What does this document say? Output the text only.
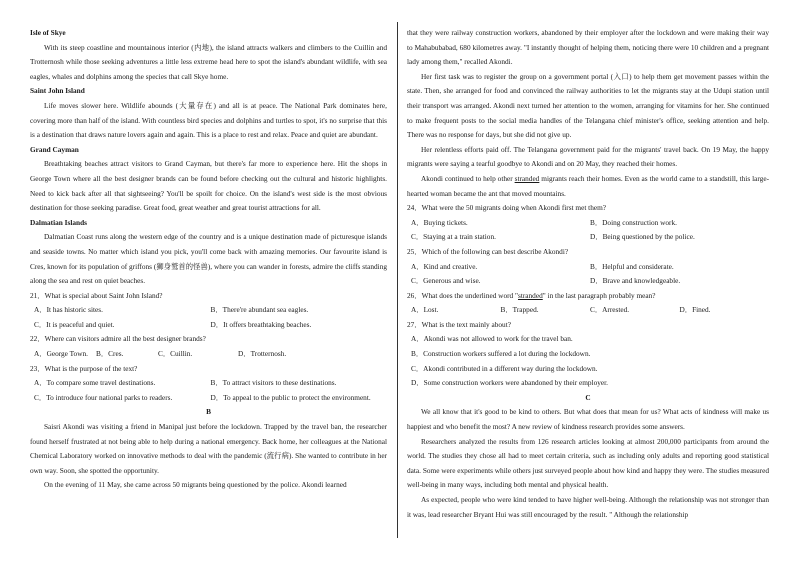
Isle of Skye

With its steep coastline and mountainous interior (内地), the island attracts walkers and climbers to the Cuillin and Trotternosh while those seeking adventures a little less extreme head here to spot the island's abundant wildlife, with sea eagles, whales and dolphins among the species that call Skye home.

Saint John Island

Life moves slower here. Wildlife abounds (大量存在) and all is at peace. The National Park dominates here, covering more than half of the island. With countless bird species and dolphins and turtles to spot, it's no surprise that this is a destination that draws nature lovers again and again. This is a place to rest and relax. Peace and quiet are abundant.

Grand Cayman

Breathtaking beaches attract visitors to Grand Cayman, but there's far more to experience here. Hit the shops in George Town where all the best designer brands can be found before checking out the cultural and historic highlights. Need to kick back after all that sightseeing? You'll be spoilt for choice. On the island's west side is the most obvious destination for those seeking paradise. Great food, great weather and great tourist attractions for all.

Dalmatian Islands

Dalmatian Coast runs along the western edge of the country and is a unique destination made of picturesque islands and seaside towns. No matter which island you pick, you'll come back with amazing memories. Our favourite island is Cres, known for its population of griffons (狮身鹫首的怪兽), where you can wander in forests, admire the cliffs standing along the sea and rest on quiet beaches.

21．What is special about Saint John Island?

A．It has historic sites.	B．There're abundant sea eagles.
C．It is peaceful and quiet.	D．It offers breathtaking beaches.

22．Where can visitors admire all the best designer brands?

A．George Town.	B．Cres.	C．Cuillin.	D．Trotternosh.

23．What is the purpose of the text?

A．To compare some travel destinations.	B．To attract visitors to these destinations.
C．To introduce four national parks to readers.	D．To appeal to the public to protect the environment.

B

Saisri Akondi was visiting a friend in Manipal just before the lockdown. Trapped by the travel ban, the researcher found herself frustrated at not being able to help during a national emergency. Back home, her colleagues at the National Chemical Laboratory worked on innovative methods to deal with the pandemic (流行病). She wanted to contribute in her own way. Soon, she spotted the opportunity.

On the evening of 11 May, she came across 50 migrants being questioned by the police. Akondi learned

that they were railway construction workers, abandoned by their employer after the lockdown and were making their way to Mahabubabad, 680 kilometres away. "I instantly thought of helping them, noticing there were 10 children and a pregnant lady among them," recalled Akondi.

Her first task was to register the group on a government portal (入口) to help them get movement passes within the state. Then, she arranged for food and convinced the railway authorities to let the migrants stay at the Udupi station until their transport was arranged. Akondi next turned her attention to the women, arranging for vitamins for her. She continued to make frequent posts to the social media handles of the Telangana chief minister's office, seeking attention and help. There was no response for days, but she did not give up.

Her relentless efforts paid off. The Telangana government paid for the migrants' travel back. On 19 May, the happy migrants were saying a tearful goodbye to Akondi and on 20 May, they reached their homes.

Akondi continued to help other stranded migrants reach their homes. Even as the world came to a standstill, this large-hearted woman became the ant that moved mountains.

24．What were the 50 migrants doing when Akondi first met them?

A．Buying tickets.	B．Doing construction work.
C．Staying at a train station.	D．Being questioned by the police.

25．Which of the following can best describe Akondi?

A．Kind and creative.	B．Helpful and considerate.
C．Generous and wise.	D．Brave and knowledgeable.

26．What does the underlined word "stranded" in the last paragraph probably mean?

A．Lost.	B．Trapped.	C．Arrested.	D．Fined.

27．What is the text mainly about?

A．Akondi was not allowed to work for the travel ban.

B．Construction workers suffered a lot during the lockdown.

C．Akondi contributed in a different way during the lockdown.

D．Some construction workers were abandoned by their employer.

C

We all know that it's good to be kind to others. But what does that mean for us? What acts of kindness will make us happiest and who benefit the most? A new review of kindness research provides some answers.

Researchers analyzed the results from 126 research articles looking at almost 200,000 participants from around the world. The studies they chose all had to meet certain criteria, such as including only adults and reporting good statistical data. Some were experiments while others just surveyed people about how kind and happy they were. The studies measured well-being in many ways, including both mental and physical health.

As expected, people who were kind tended to have higher well-being. Although the relationship was not stronger than it was, lead researcher Bryant Hui was still encouraged by the result. " Although the relationship
